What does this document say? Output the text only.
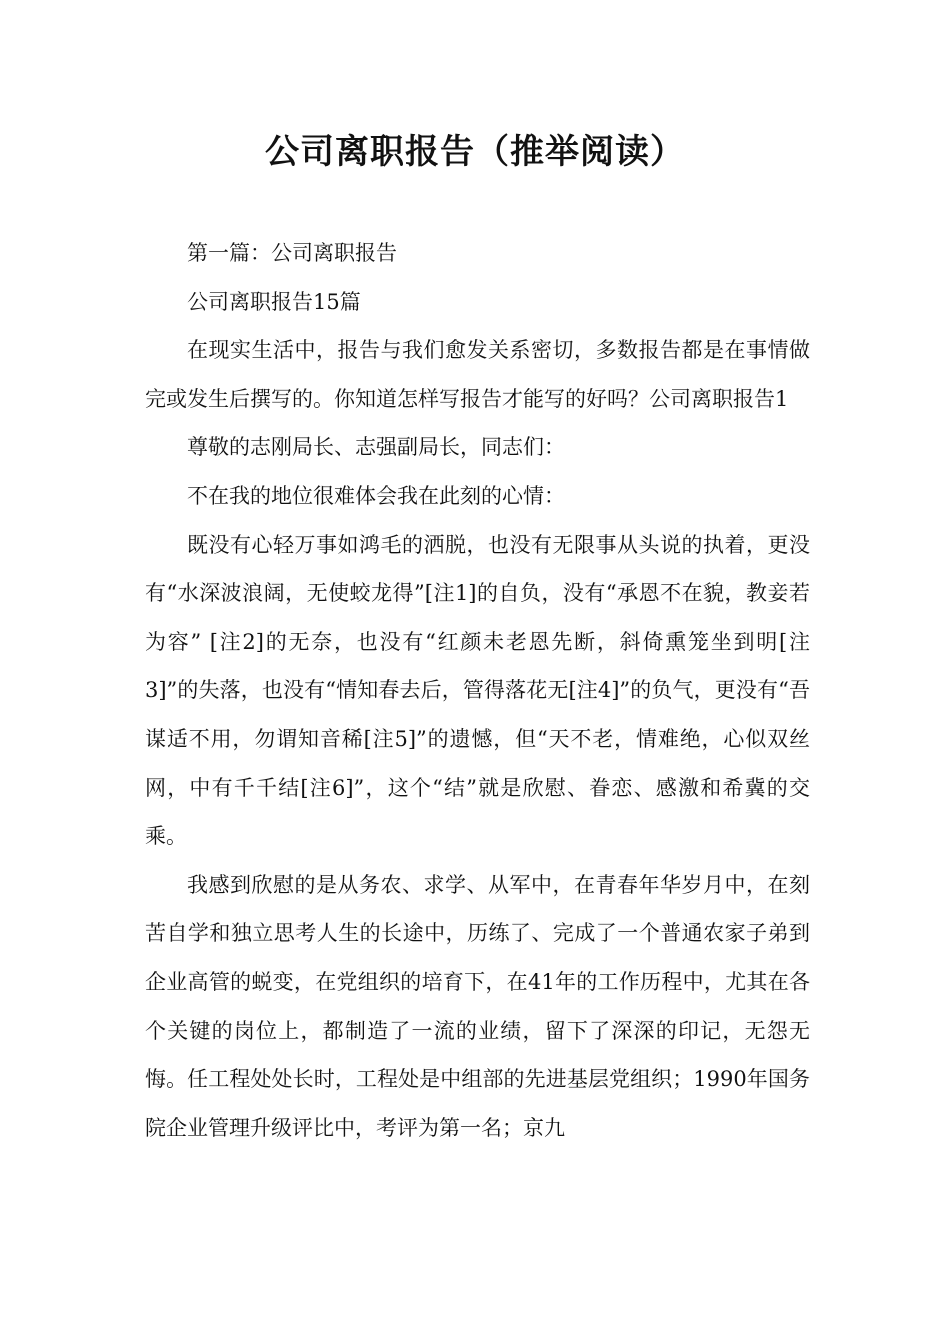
公司离职报告（推举阅读）

第一篇：公司离职报告

公司离职报告15篇

在现实生活中，报告与我们愈发关系密切，多数报告都是在事情做完或发生后撰写的。你知道怎样写报告才能写的好吗？公司离职报告1

尊敬的志刚局长、志强副局长，同志们：

不在我的地位很难体会我在此刻的心情：

既没有心轻万事如鸿毛的洒脱，也没有无限事从头说的执着，更没有“水深波浪阔，无使蛟龙得”[注1]的自负，没有“承恩不在貌，教妾若为容” [注2]的无奈，也没有“红颜未老恩先断，斜倚熏笼坐到明[注3]”的失落，也没有“情知春去后，管得落花无[注4]”的负气，更没有“吾谋适不用，勿谓知音稀[注5]”的遗憾，但“天不老，情难绝，心似双丝网，中有千千结[注6]”，这个“结”就是欣慰、眷恋、感激和希冀的交乘。

我感到欣慰的是从务农、求学、从军中，在青春年华岁月中，在刻苦自学和独立思考人生的长途中，历练了、完成了一个普通农家子弟到企业高管的蜕变，在党组织的培育下，在41年的工作历程中，尤其在各个关键的岗位上，都制造了一流的业绩，留下了深深的印记，无怨无悔。任工程处处长时，工程处是中组部的先进基层党组织；1990年国务院企业管理升级评比中，考评为第一名；京九
